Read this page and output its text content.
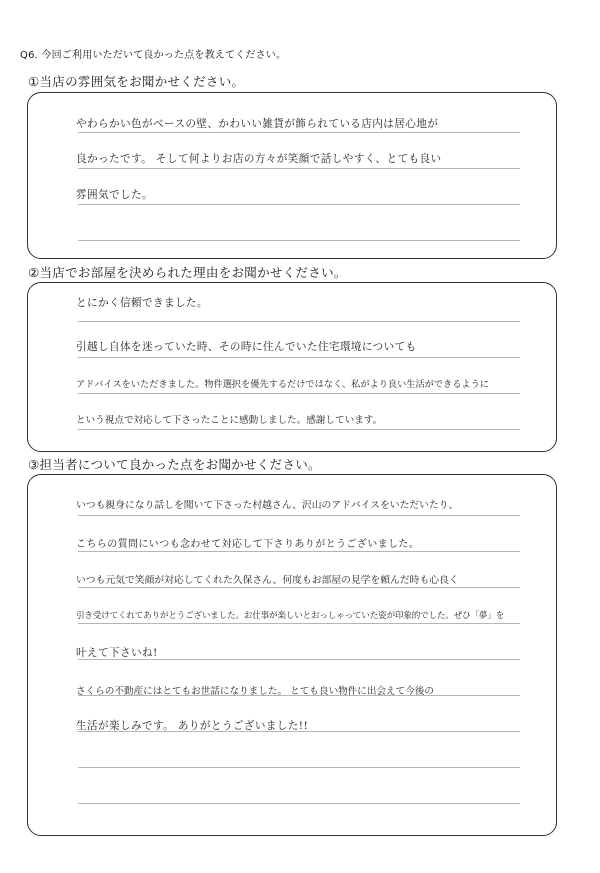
Q6. 今回ご利用いただいて良かった点を教えてください。
①当店の雰囲気をお聞かせください。
やわらかい色がベースの壁、かわいい雑貨が飾られている店内は居心地が
良かったです。 そして何よりお店の方々が笑顔で話しやすく、とても良い
雰囲気でした。
②当店でお部屋を決められた理由をお聞かせください。
とにかく信頼できました。
引越し自体を迷っていた時、その時に住んでいた住宅環境についても
アドバイスをいただきました。物件選択を優先するだけではなく、私がより良い生活ができるように
という視点で対応して下さったことに感動しました。感謝しています。
③担当者について良かった点をお聞かせください。
いつも親身になり話しを聞いて下さった村越さん、沢山のアドバイスをいただいたり、
こちらの質問にいつも念わせて対応して下さりありがとうございました。
いつも元気で笑顔が対応してくれた久保さん、何度もお部屋の見学を頼んだ時も心良く
引き受けてくれてありがとうございました。お仕事が楽しいとおっしゃっていた姿が印象的でした。ぜひ「夢」を
叶えて下さいね!
さくらの不動産にはとてもお世話になりました。 とても良い物件に出会えて今後の
生活が楽しみです。 ありがとうございました!!
